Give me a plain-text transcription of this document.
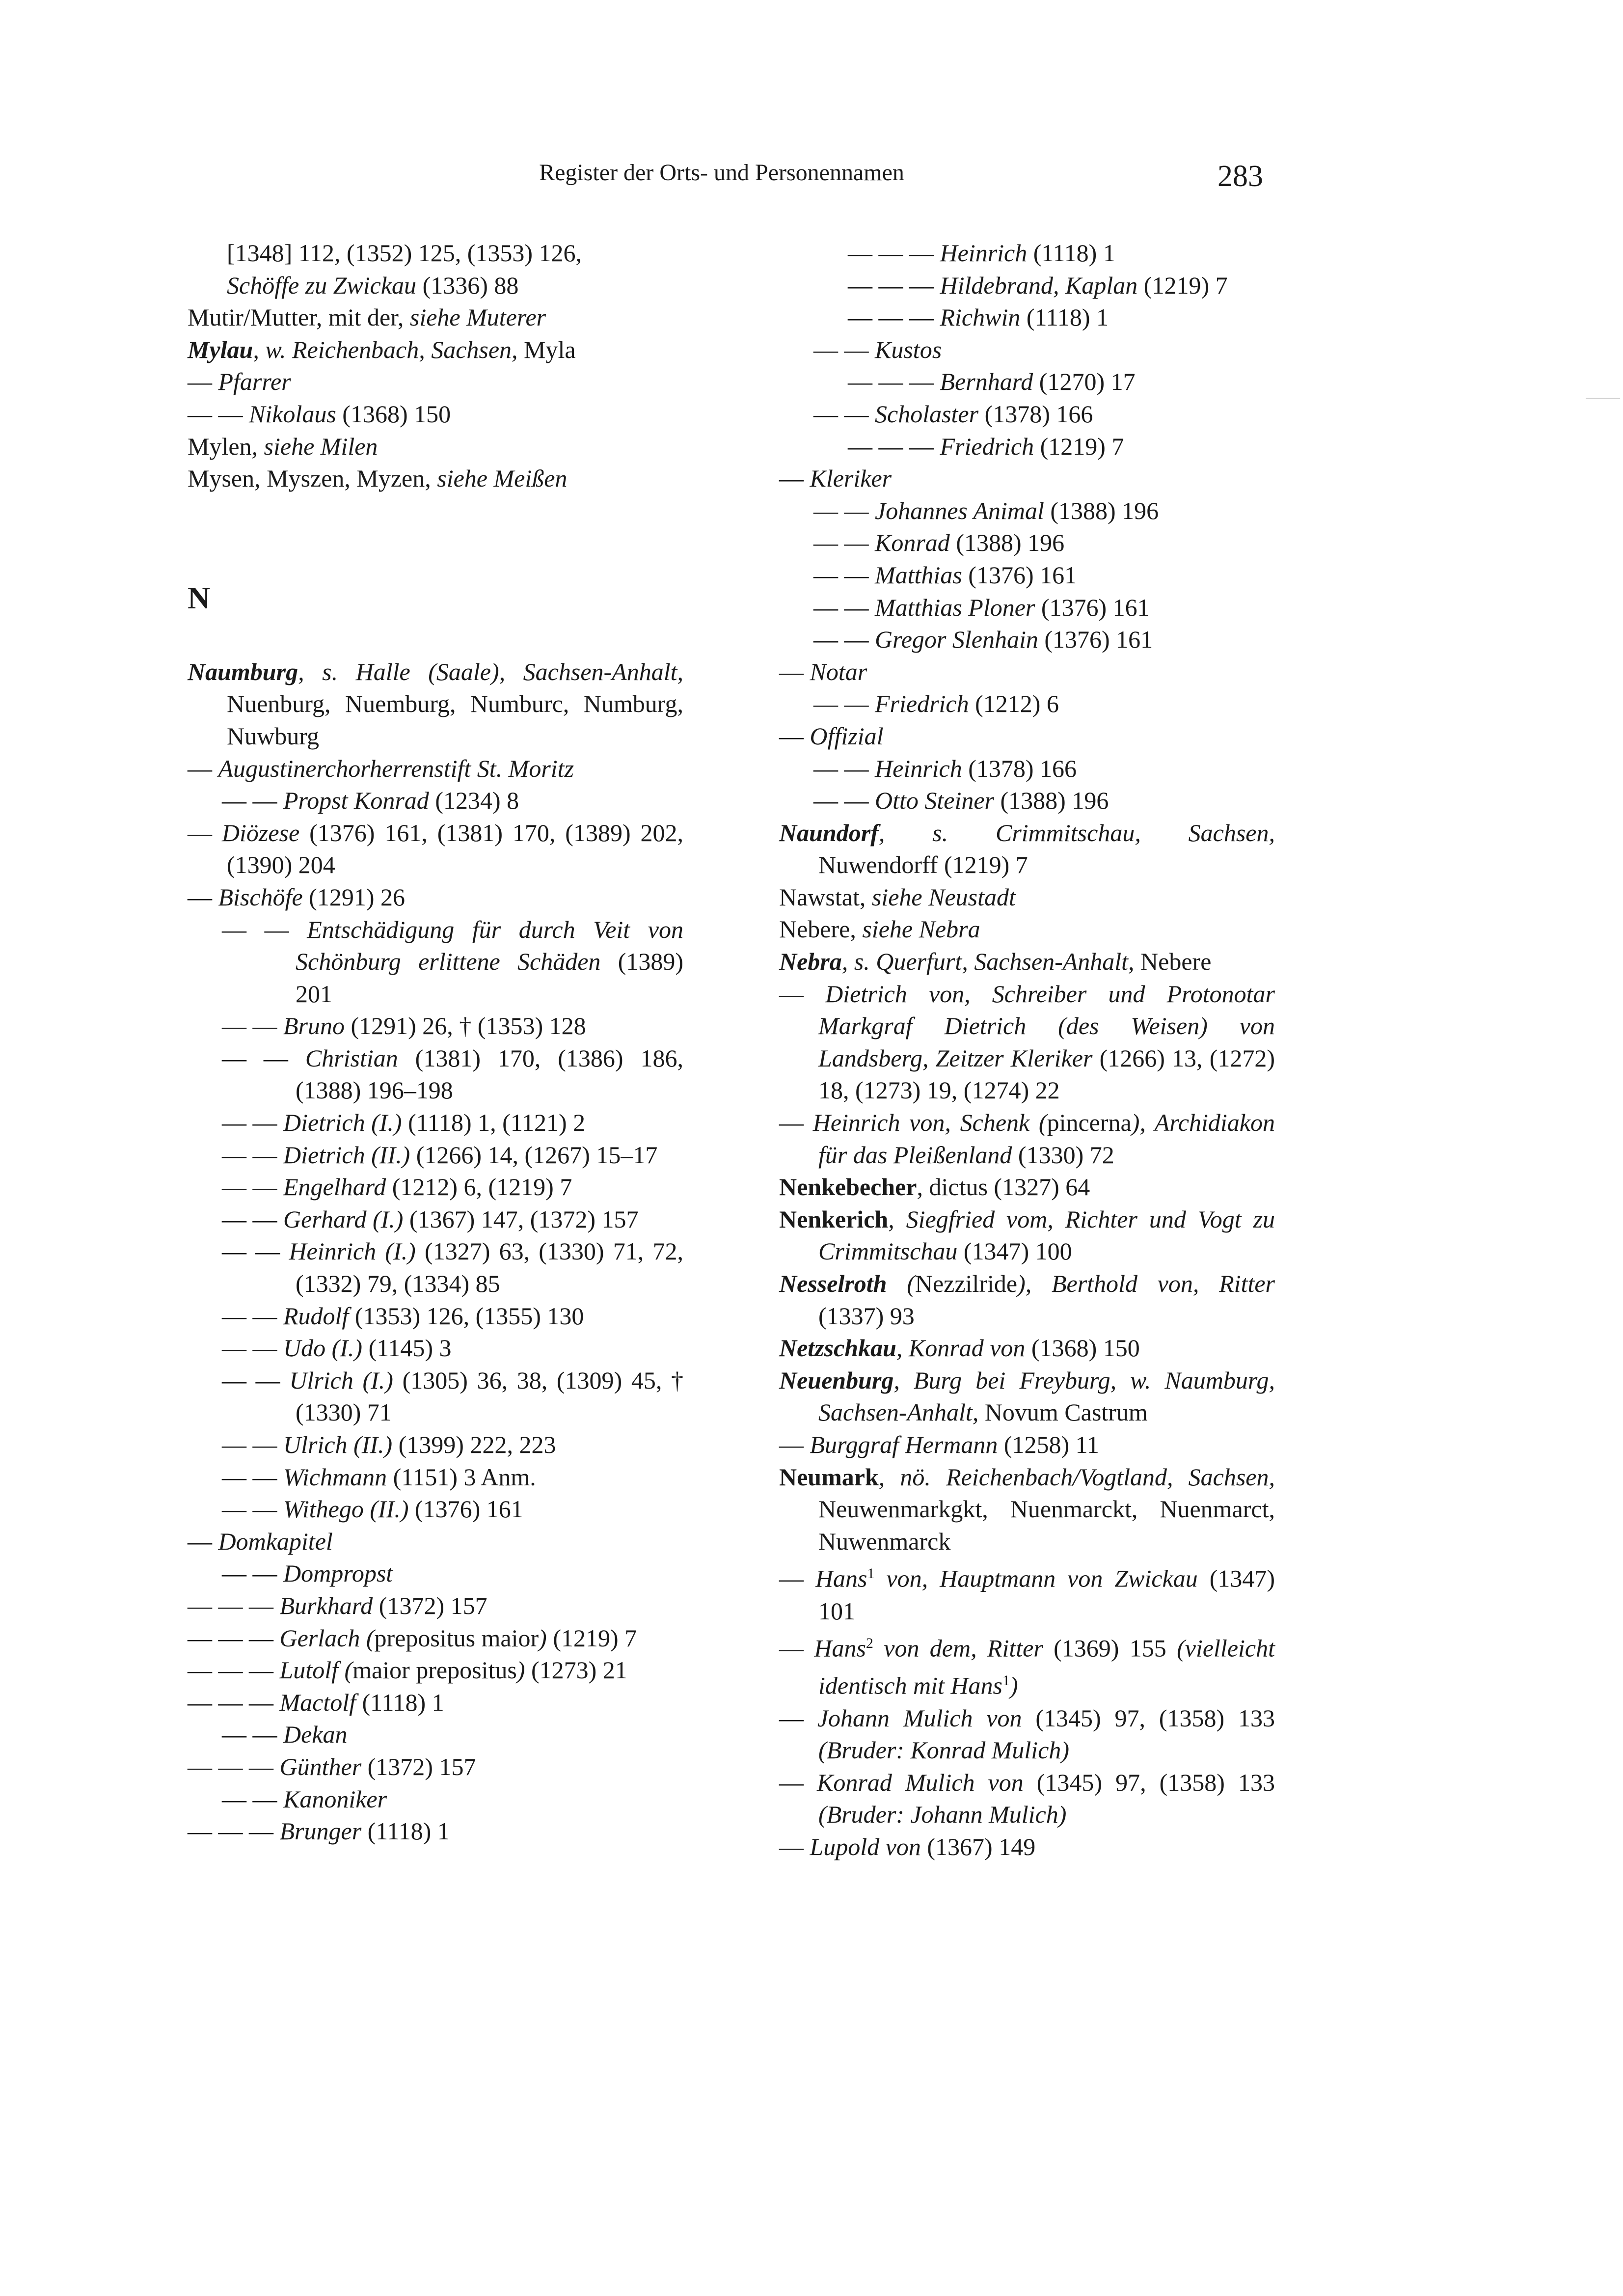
Register der Orts- und Personennamen	283
[1348] 112, (1352) 125, (1353) 126,
Schöffe zu Zwickau (1336) 88
Mutir/Mutter, mit der, siehe Muterer
Mylau, w. Reichenbach, Sachsen, Myla
— Pfarrer
— — Nikolaus (1368) 150
Mylen, siehe Milen
Mysen, Myszen, Myzen, siehe Meißen
N
Naumburg, s. Halle (Saale), Sachsen-Anhalt, Nuenburg, Nuemburg, Numburc, Numburg, Nuwburg
— Augustinerchorherrenstift St. Moritz
— — Propst Konrad (1234) 8
— Diözese (1376) 161, (1381) 170, (1389) 202, (1390) 204
— Bischöfe (1291) 26
— — Entschädigung für durch Veit von Schönburg erlittene Schäden (1389) 201
— — Bruno (1291) 26, † (1353) 128
— — Christian (1381) 170, (1386) 186, (1388) 196–198
— — Dietrich (I.) (1118) 1, (1121) 2
— — Dietrich (II.) (1266) 14, (1267) 15–17
— — Engelhard (1212) 6, (1219) 7
— — Gerhard (I.) (1367) 147, (1372) 157
— — Heinrich (I.) (1327) 63, (1330) 71, 72, (1332) 79, (1334) 85
— — Rudolf (1353) 126, (1355) 130
— — Udo (I.) (1145) 3
— — Ulrich (I.) (1305) 36, 38, (1309) 45, † (1330) 71
— — Ulrich (II.) (1399) 222, 223
— — Wichmann (1151) 3 Anm.
— — Withego (II.) (1376) 161
— Domkapitel
— — Dompropst
— — — Burkhard (1372) 157
— — — Gerlach (prepositus maior) (1219) 7
— — — Lutolf (maior prepositus) (1273) 21
— — — Mactolf (1118) 1
— — Dekan
— — — Günther (1372) 157
— — Kanoniker
— — — Brunger (1118) 1
— — — Heinrich (1118) 1
— — — Hildebrand, Kaplan (1219) 7
— — — Richwin (1118) 1
— — Kustos
— — — Bernhard (1270) 17
— — Scholaster (1378) 166
— — — Friedrich (1219) 7
— Kleriker
— — Johannes Animal (1388) 196
— — Konrad (1388) 196
— — Matthias (1376) 161
— — Matthias Ploner (1376) 161
— — Gregor Slenhain (1376) 161
— Notar
— — Friedrich (1212) 6
— Offizial
— — Heinrich (1378) 166
— — Otto Steiner (1388) 196
Naundorf, s. Crimmitschau, Sachsen, Nuwendorff (1219) 7
Nawstat, siehe Neustadt
Nebere, siehe Nebra
Nebra, s. Querfurt, Sachsen-Anhalt, Nebere
— Dietrich von, Schreiber und Protonotar Markgraf Dietrich (des Weisen) von Landsberg, Zeitzer Kleriker (1266) 13, (1272) 18, (1273) 19, (1274) 22
— Heinrich von, Schenk (pincerna), Archidiakon für das Pleißenland (1330) 72
Nenkebecher, dictus (1327) 64
Nenkerich, Siegfried vom, Richter und Vogt zu Crimmitschau (1347) 100
Nesselroth (Nezzilride), Berthold von, Ritter (1337) 93
Netzschkau, Konrad von (1368) 150
Neuenburg, Burg bei Freyburg, w. Naumburg, Sachsen-Anhalt, Novum Castrum
— Burggraf Hermann (1258) 11
Neumark, nö. Reichenbach/Vogtland, Sachsen, Neuwenmarkgkt, Nuenmarckt, Nuenmarct, Nuwenmarck
— Hans$^1$ von, Hauptmann von Zwickau (1347) 101
— Hans$^2$ von dem, Ritter (1369) 155 (vielleicht identisch mit Hans$^1$)
— Johann Mulich von (1345) 97, (1358) 133 (Bruder: Konrad Mulich)
— Konrad Mulich von (1345) 97, (1358) 133 (Bruder: Johann Mulich)
— Lupold von (1367) 149
